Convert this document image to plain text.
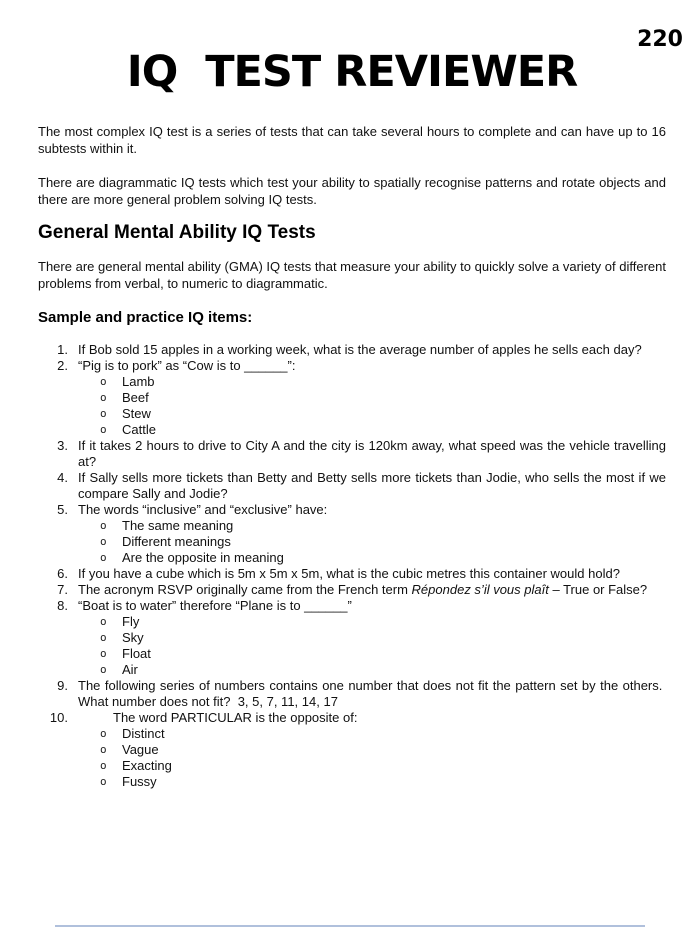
220
IQ  TEST REVIEWER

The most complex IQ test is a series of tests that can take several hours to complete and can have up to 16 subtests within it.

There are diagrammatic IQ tests which test your ability to spatially recognise patterns and rotate objects and there are more general problem solving IQ tests.

General Mental Ability IQ Tests

There are general mental ability (GMA) IQ tests that measure your ability to quickly solve a variety of different problems from verbal, to numeric to diagrammatic.

Sample and practice IQ items:
1. If Bob sold 15 apples in a working week, what is the average number of apples he sells each day?
2. “Pig is to pork” as “Cow is to ______”:
o	Lamb
o	Beef
o	Stew
o	Cattle
3. If it takes 2 hours to drive to City A and the city is 120km away, what speed was the vehicle travelling at?
4. If Sally sells more tickets than Betty and Betty sells more tickets than Jodie, who sells the most if we compare Sally and Jodie?
5. The words “inclusive” and “exclusive” have:
o	The same meaning
o	Different meanings
o	Are the opposite in meaning
6. If you have a cube which is 5m x 5m x 5m, what is the cubic metres this container would hold?
7. The acronym RSVP originally came from the French term Répondez s’il vous plaît – True or False?
8. “Boat is to water” therefore “Plane is to ______”
o	Fly
o	Sky
o	Float
o	Air
9. The following series of numbers contains one number that does not fit the pattern set by the others.  What number does not fit?  3, 5, 7, 11, 14, 17
10.	The word PARTICULAR is the opposite of:
o	Distinct
o	Vague
o	Exacting
o	Fussy
